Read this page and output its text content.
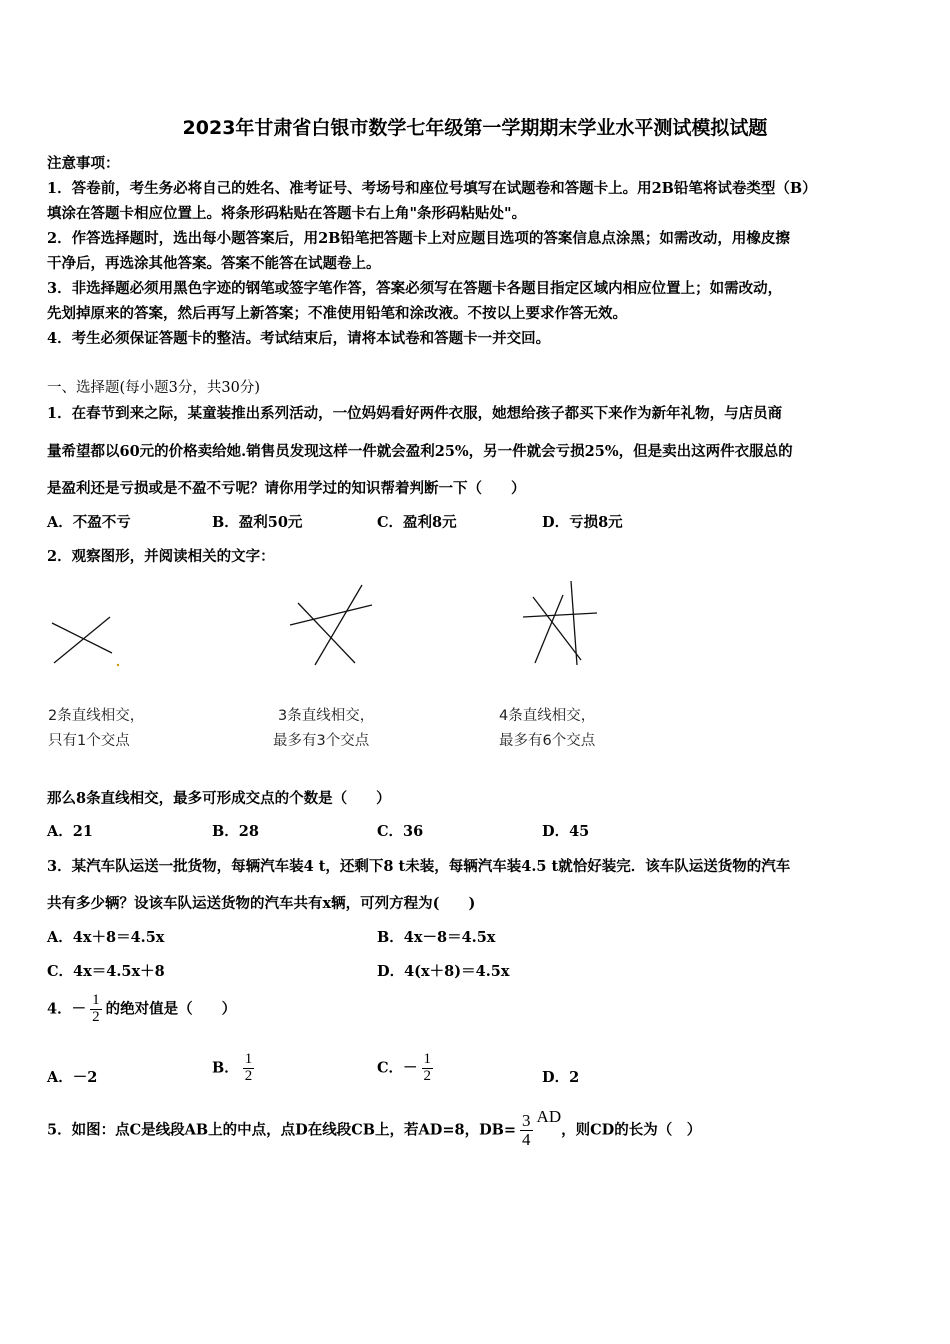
2023年甘肃省白银市数学七年级第一学期期末学业水平测试模拟试题
注意事项：
1．答卷前，考生务必将自己的姓名、准考证号、考场号和座位号填写在试题卷和答题卡上。用2B铅笔将试卷类型（B）
填涂在答题卡相应位置上。将条形码粘贴在答题卡右上角"条形码粘贴处"。
2．作答选择题时，选出每小题答案后，用2B铅笔把答题卡上对应题目选项的答案信息点涂黑；如需改动，用橡皮擦
干净后，再选涂其他答案。答案不能答在试题卷上。
3．非选择题必须用黑色字迹的钢笔或签字笔作答，答案必须写在答题卡各题目指定区域内相应位置上；如需改动，
先划掉原来的答案，然后再写上新答案；不准使用铅笔和涂改液。不按以上要求作答无效。
4．考生必须保证答题卡的整洁。考试结束后，请将本试卷和答题卡一并交回。
一、选择题(每小题3分，共30分)
1．在春节到来之际，某童装推出系列活动，一位妈妈看好两件衣服，她想给孩子都买下来作为新年礼物，与店员商
量希望都以60元的价格卖给她.销售员发现这样一件就会盈利25%，另一件就会亏损25%，但是卖出这两件衣服总的
是盈利还是亏损或是不盈不亏呢？请你用学过的知识帮着判断一下（　　）
A．不盈不亏	B．盈利50元	C．盈利8元	D．亏损8元
2．观察图形，并阅读相关的文字：
2条直线相交，
只有1个交点
3条直线相交，
最多有3个交点
4条直线相交，
最多有6个交点
那么8条直线相交，最多可形成交点的个数是（　　）
A．21	B．28	C．36	D．45
3．某汽车队运送一批货物，每辆汽车装4 t，还剩下8 t未装，每辆汽车装4.5 t就恰好装完．该车队运送货物的汽车
共有多少辆？设该车队运送货物的汽车共有x辆，可列方程为(　　)
A．4x＋8＝4.5x	B．4x－8＝4.5x
C．4x＝4.5x＋8	D．4(x＋8)＝4.5x
4．－ $\frac{1}{2}$ 的绝对值是（　　）
A．－2
B． $\frac{1}{2}$	C．－ $\frac{1}{2}$	D．2
5．如图：点C是线段AB上的中点，点D在线段CB上，若AD=8，$DB= \frac{3}{4}$ AD，则CD的长为（　）
